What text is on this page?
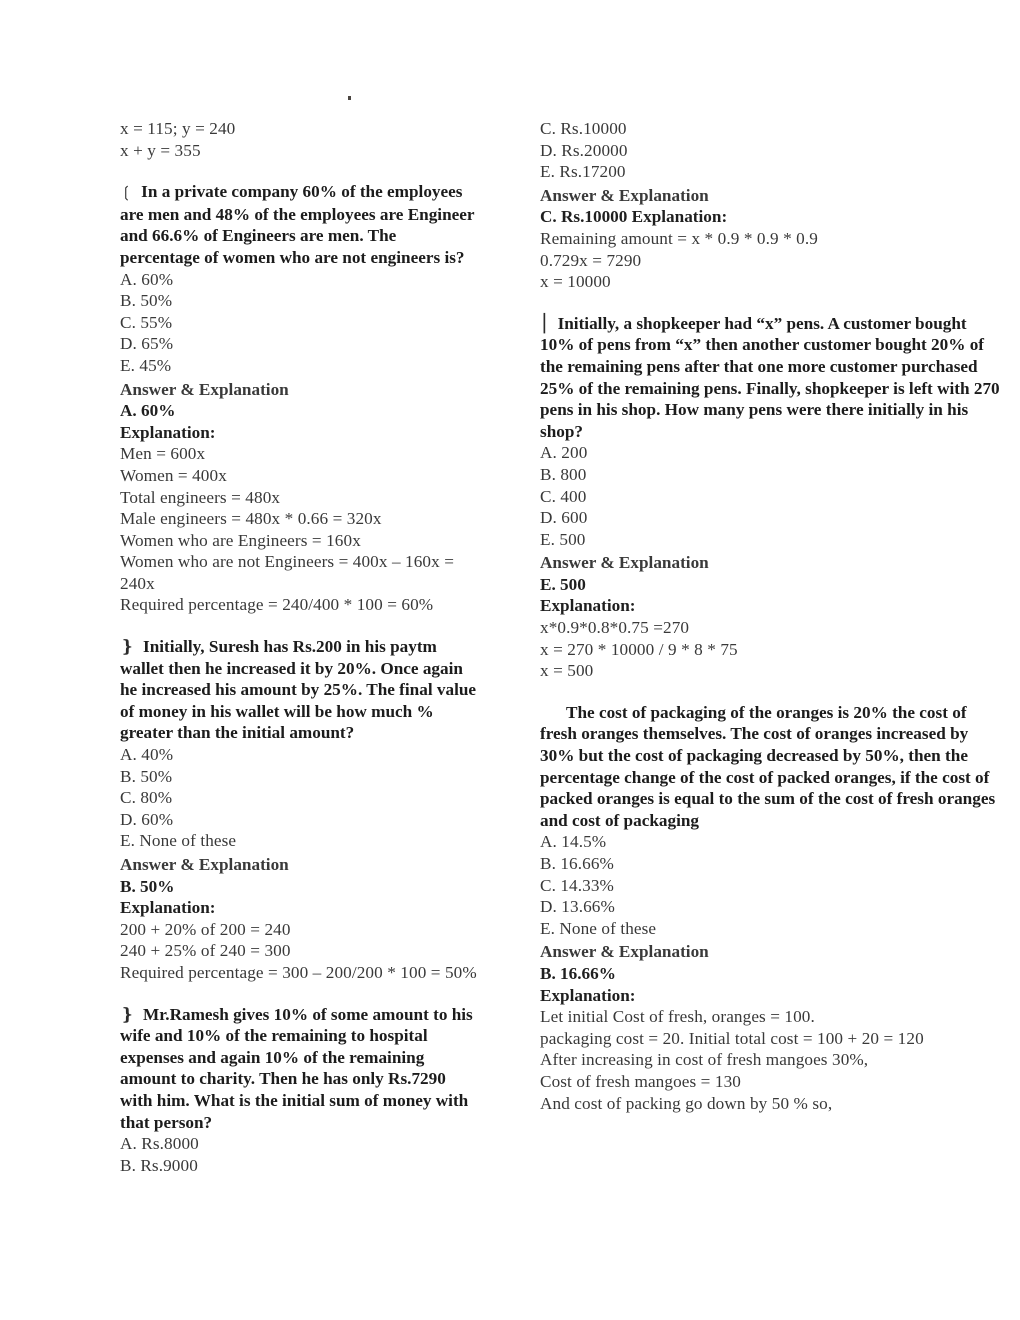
x = 115; y = 240
x + y = 355

❲ In a private company 60% of the employees are men and 48% of the employees are Engineer and 66.6% of Engineers are men. The percentage of women who are not engineers is?

A. 60%
B. 50%
C. 55%
D. 65%
E. 45%
Answer & Explanation
A. 60%
Explanation:
Men = 600x
Women = 400x
Total engineers = 480x
Male engineers = 480x * 0.66 = 320x
Women who are Engineers = 160x
Women who are not Engineers = 400x – 160x = 240x
Required percentage = 240/400 * 100 = 60%

❵ Initially, Suresh has Rs.200 in his paytm wallet then he increased it by 20%. Once again he increased his amount by 25%. The final value of money in his wallet will be how much % greater than the initial amount?

A. 40%
B. 50%
C. 80%
D. 60%
E. None of these
Answer & Explanation
B. 50%
Explanation:
200 + 20% of 200 = 240
240 + 25% of 240 = 300
Required percentage = 300 – 200/200 * 100 = 50%

❵ Mr.Ramesh gives 10% of some amount to his wife and 10% of the remaining to hospital expenses and again 10% of the remaining amount to charity. Then he has only Rs.7290 with him. What is the initial sum of money with that person?

A. Rs.8000
B. Rs.9000
C. Rs.10000
D. Rs.20000
E. Rs.17200
Answer & Explanation
C. Rs.10000 Explanation:
Remaining amount = x * 0.9 * 0.9 * 0.9
0.729x = 7290
x = 10000

⎮ Initially, a shopkeeper had “x” pens. A customer bought 10% of pens from “x” then another customer bought 20% of the remaining pens after that one more customer purchased 25% of the remaining pens. Finally, shopkeeper is left with 270 pens in his shop. How many pens were there initially in his shop?

A. 200
B. 800
C. 400
D. 600
E. 500
Answer & Explanation
E. 500
Explanation:
x*0.9*0.8*0.75 =270
x = 270 * 10000 / 9 * 8 * 75
x = 500

The cost of packaging of the oranges is 20% the cost of fresh oranges themselves. The cost of oranges increased by 30% but the cost of packaging decreased by 50%, then the percentage change of the cost of packed oranges, if the cost of packed oranges is equal to the sum of the cost of fresh oranges and cost of packaging

A. 14.5%
B. 16.66%
C. 14.33%
D. 13.66%
E. None of these
Answer & Explanation
B. 16.66%
Explanation:
Let initial Cost of fresh, oranges = 100.
packaging cost = 20. Initial total cost = 100 + 20 = 120
After increasing in cost of fresh mangoes 30%,
Cost of fresh mangoes = 130
And cost of packing go down by 50 % so,
